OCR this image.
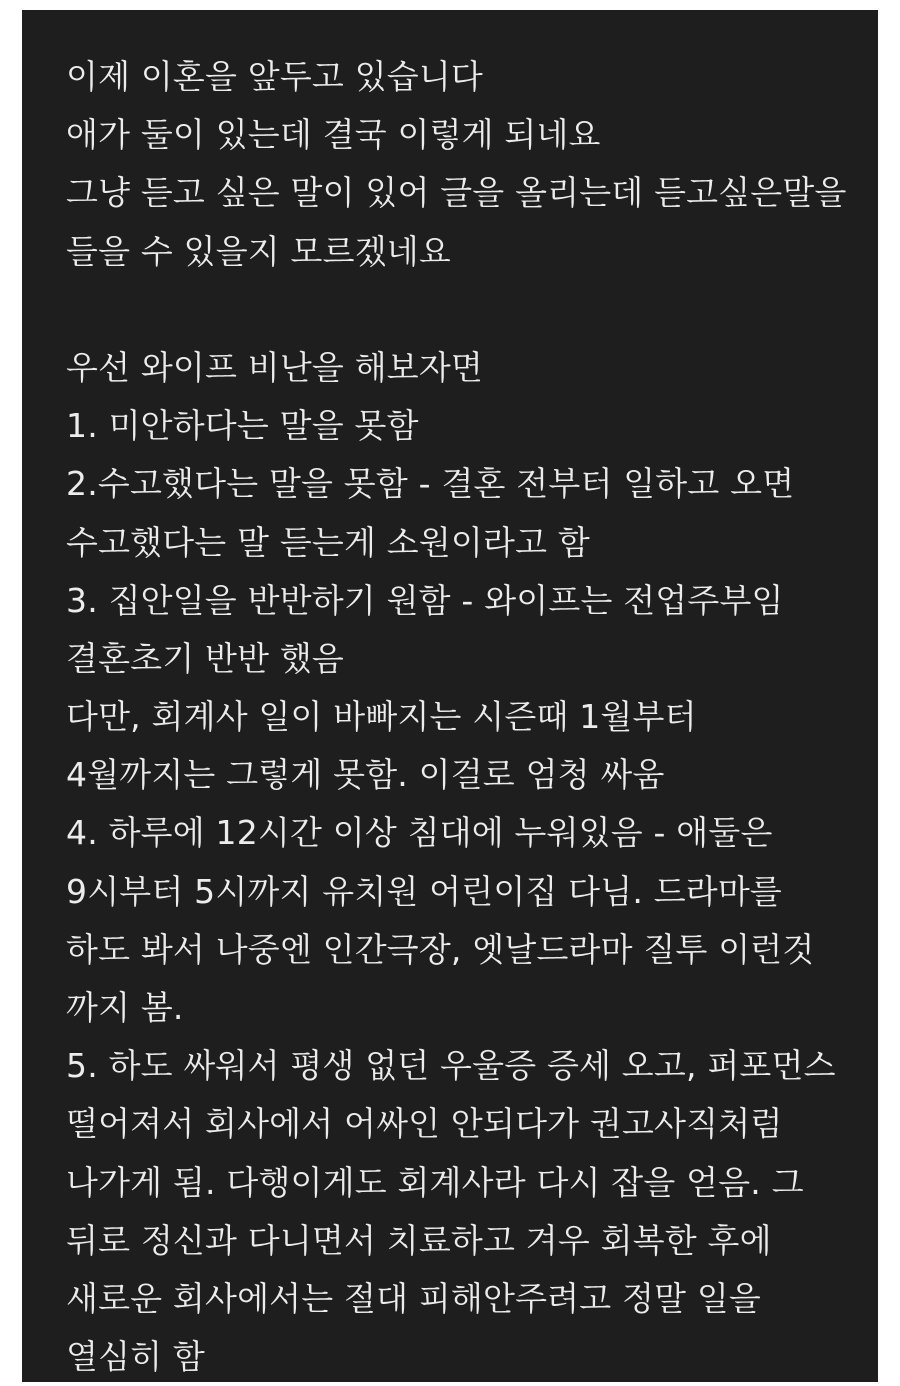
이제 이혼을 앞두고 있습니다
애가 둘이 있는데 결국 이렇게 되네요
그냥 듣고 싶은 말이 있어 글을 올리는데 듣고싶은말을
들을 수 있을지 모르겠네요
우선 와이프 비난을 해보자면
1. 미안하다는 말을 못함
2.수고했다는 말을 못함 - 결혼 전부터 일하고 오면
수고했다는 말 듣는게 소원이라고 함
3. 집안일을 반반하기 원함 - 와이프는 전업주부임
결혼초기 반반 했음
다만, 회계사 일이 바빠지는 시즌때 1월부터
4월까지는 그렇게 못함. 이걸로 엄청 싸움
4. 하루에 12시간 이상 침대에 누워있음 - 애둘은
9시부터 5시까지 유치원 어린이집 다님. 드라마를
하도 봐서 나중엔 인간극장, 엣날드라마 질투 이런것
까지 봄.
5. 하도 싸워서 평생 없던 우울증 증세 오고, 퍼포먼스
떨어져서 회사에서 어싸인 안되다가 권고사직처럼
나가게 됨. 다행이게도 회계사라 다시 잡을 얻음. 그
뒤로 정신과 다니면서 치료하고 겨우 회복한 후에
새로운 회사에서는 절대 피해안주려고 정말 일을
열심히 함
